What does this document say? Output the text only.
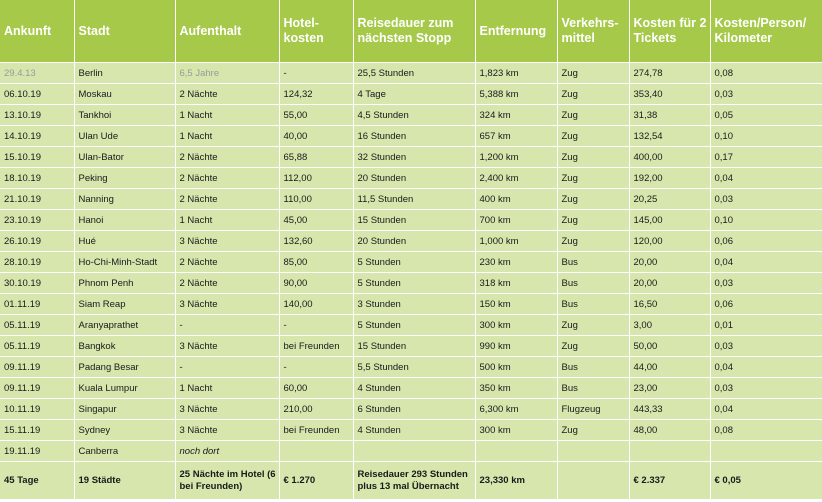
Ankunft	Stadt	Aufenthalt	Hotel-kosten	Reisedauer zum nächsten Stopp	Entfernung	Verkehrs-mittel	Kosten für 2 Tickets	Kosten/Person/ Kilometer
29.4.13	Berlin	6,5 Jahre	-	25,5 Stunden	1,823 km	Zug	274,78	0,08
06.10.19	Moskau	2 Nächte	124,32	4 Tage	5,388 km	Zug	353,40	0,03
13.10.19	Tankhoi	1 Nacht	55,00	4,5 Stunden	324 km	Zug	31,38	0,05
14.10.19	Ulan Ude	1 Nacht	40,00	16 Stunden	657 km	Zug	132,54	0,10
15.10.19	Ulan-Bator	2 Nächte	65,88	32 Stunden	1,200 km	Zug	400,00	0,17
18.10.19	Peking	2 Nächte	112,00	20 Stunden	2,400 km	Zug	192,00	0,04
21.10.19	Nanning	2 Nächte	110,00	11,5 Stunden	400 km	Zug	20,25	0,03
23.10.19	Hanoi	1 Nacht	45,00	15 Stunden	700 km	Zug	145,00	0,10
26.10.19	Hué	3 Nächte	132,60	20 Stunden	1,000 km	Zug	120,00	0,06
28.10.19	Ho-Chi-Minh-Stadt	2 Nächte	85,00	5 Stunden	230 km	Bus	20,00	0,04
30.10.19	Phnom Penh	2 Nächte	90,00	5 Stunden	318 km	Bus	20,00	0,03
01.11.19	Siam Reap	3 Nächte	140,00	3 Stunden	150 km	Bus	16,50	0,06
05.11.19	Aranyaprathet	-	-	5 Stunden	300 km	Zug	3,00	0,01
05.11.19	Bangkok	3 Nächte	bei Freunden	15 Stunden	990 km	Zug	50,00	0,03
09.11.19	Padang Besar	-	-	5,5 Stunden	500 km	Bus	44,00	0,04
09.11.19	Kuala Lumpur	1 Nacht	60,00	4 Stunden	350 km	Bus	23,00	0,03
10.11.19	Singapur	3 Nächte	210,00	6 Stunden	6,300 km	Flugzeug	443,33	0,04
15.11.19	Sydney	3 Nächte	bei Freunden	4 Stunden	300 km	Zug	48,00	0,08
19.11.19	Canberra	noch dort						
45 Tage	19 Städte	25 Nächte im Hotel (6 bei Freunden)	€ 1.270	Reisedauer 293 Stunden plus 13 mal Übernacht	23,330 km		€ 2.337	€ 0,05
